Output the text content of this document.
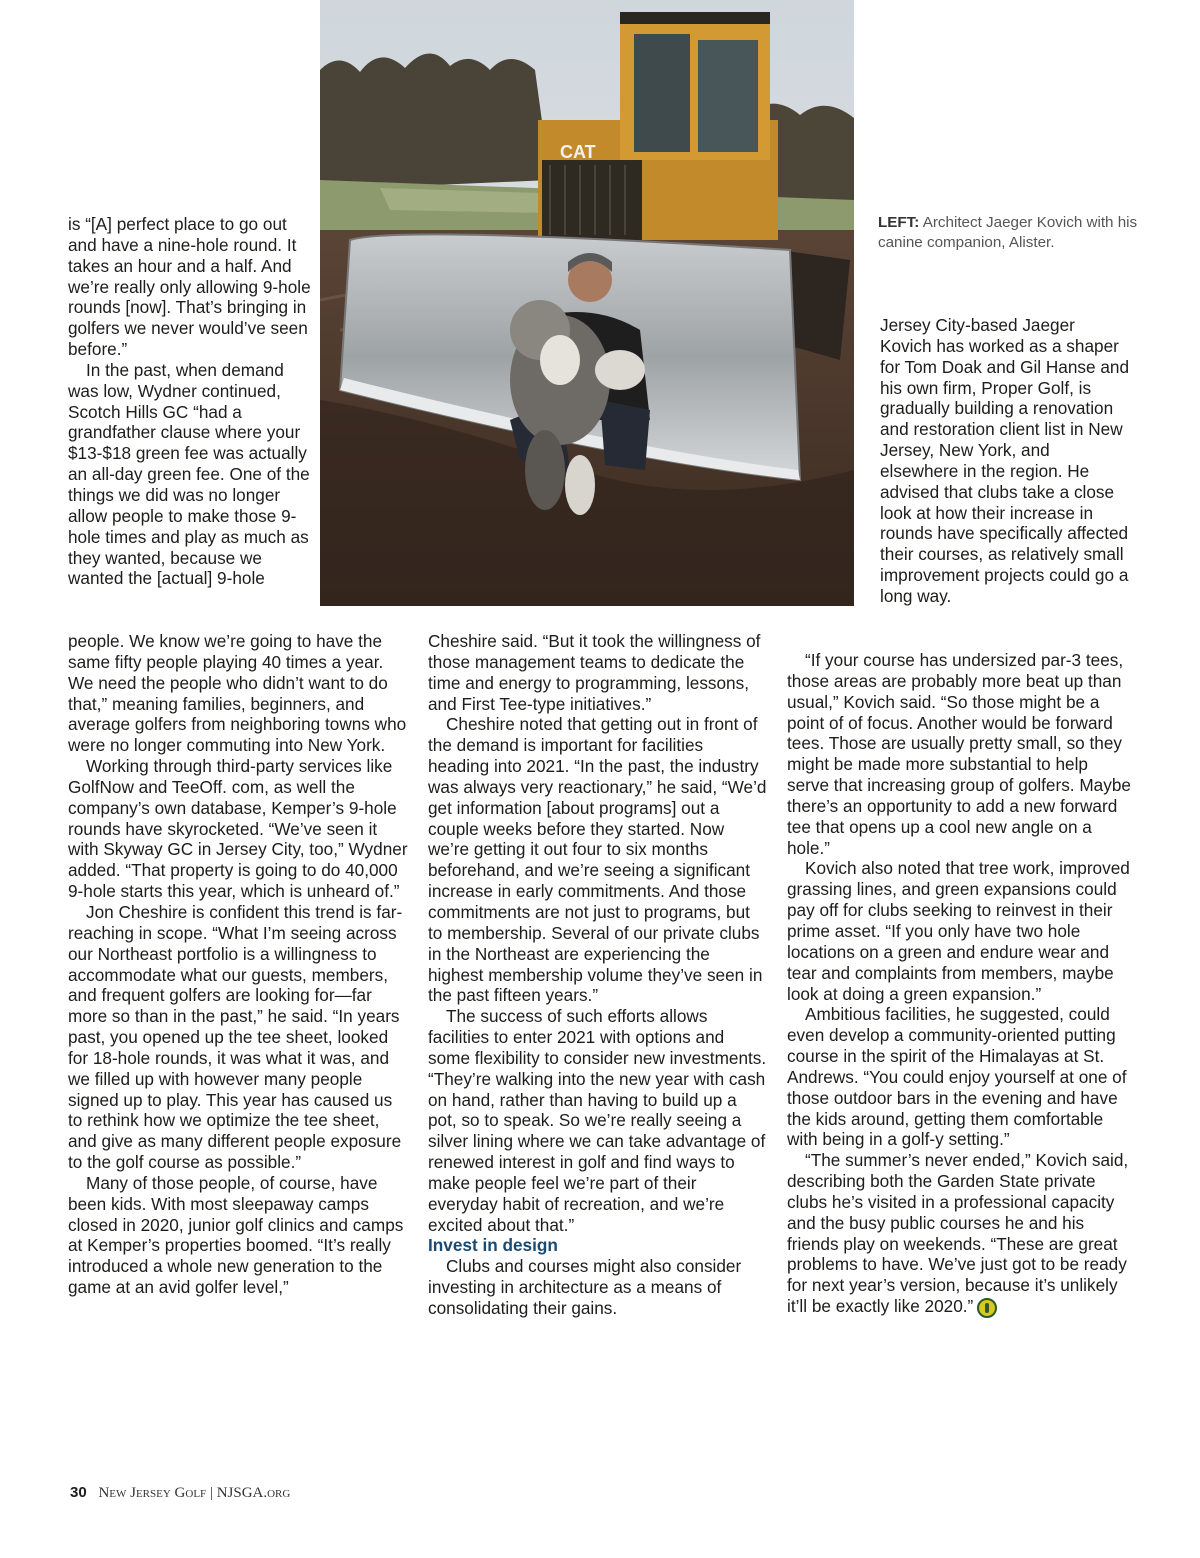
CAT
LEFT: Architect Jaeger Kovich with his canine companion, Alister.

is “[A] perfect place to go out and have a nine-hole round. It takes an hour and a half. And we’re really only allowing 9-hole rounds [now]. That’s bringing in golfers we never would’ve seen before.”

In the past, when demand was low, Wydner continued, Scotch Hills GC “had a grandfather clause where your $13-$18 green fee was actually an all-day green fee. One of the things we did was no longer allow people to make those 9-hole times and play as much as they wanted, because we wanted the [actual] 9-hole

people. We know we’re going to have the same fifty people playing 40 times a year. We need the people who didn’t want to do that,” meaning families, beginners, and average golfers from neighboring towns who were no longer commuting into New York.

Working through third-party services like GolfNow and TeeOff. com, as well the company’s own database, Kemper’s 9-hole rounds have skyrocketed. “We’ve seen it with Skyway GC in Jersey City, too,” Wydner added. “That property is going to do 40,000 9-hole starts this year, which is unheard of.”

Jon Cheshire is confident this trend is far-reaching in scope. “What I’m seeing across our Northeast portfolio is a willingness to accommodate what our guests, members, and frequent golfers are looking for—far more so than in the past,” he said. “In years past, you opened up the tee sheet, looked for 18-hole rounds, it was what it was, and we filled up with however many people signed up to play. This year has caused us to rethink how we optimize the tee sheet, and give as many different people exposure to the golf course as possible.”

Many of those people, of course, have been kids. With most sleepaway camps closed in 2020, junior golf clinics and camps at Kemper’s properties boomed. “It’s really introduced a whole new generation to the game at an avid golfer level,”

Cheshire said. “But it took the willingness of those management teams to dedicate the time and energy to programming, lessons, and First Tee-type initiatives.”

Cheshire noted that getting out in front of the demand is important for facilities heading into 2021. “In the past, the industry was always very reactionary,” he said, “We’d get information [about programs] out a couple weeks before they started. Now we’re getting it out four to six months beforehand, and we’re seeing a significant increase in early commitments. And those commitments are not just to programs, but to membership. Several of our private clubs in the Northeast are experiencing the highest membership volume they’ve seen in the past fifteen years.”

The success of such efforts allows facilities to enter 2021 with options and some flexibility to consider new investments. “They’re walking into the new year with cash on hand, rather than having to build up a pot, so to speak. So we’re really seeing a silver lining where we can take advantage of renewed interest in golf and find ways to make people feel we’re part of their everyday habit of recreation, and we’re excited about that.”

Invest in design

Clubs and courses might also consider investing in architecture as a means of consolidating their gains.

Jersey City-based Jaeger Kovich has worked as a shaper for Tom Doak and Gil Hanse and his own firm, Proper Golf, is gradually building a renovation and restoration client list in New Jersey, New York, and elsewhere in the region. He advised that clubs take a close look at how their increase in rounds have specifically affected their courses, as relatively small improvement projects could go a long way.

“If your course has undersized par-3 tees, those areas are probably more beat up than usual,” Kovich said. “So those might be a point of of focus. Another would be forward tees. Those are usually pretty small, so they might be made more substantial to help serve that increasing group of golfers. Maybe there’s an opportunity to add a new forward tee that opens up a cool new angle on a hole.”

Kovich also noted that tree work, improved grassing lines, and green expansions could pay off for clubs seeking to reinvest in their prime asset. “If you only have two hole locations on a green and endure wear and tear and complaints from members, maybe look at doing a green expansion.”

Ambitious facilities, he suggested, could even develop a community-oriented putting course in the spirit of the Himalayas at St. Andrews. “You could enjoy yourself at one of those outdoor bars in the evening and have the kids around, getting them comfortable with being in a golf-y setting.”

“The summer’s never ended,” Kovich said, describing both the Garden State private clubs he’s visited in a professional capacity and the busy public courses he and his friends play on weekends. “These are great problems to have. We’ve just got to be ready for next year’s version, because it’s unlikely it’ll be exactly like 2020.”

30 New Jersey Golf | NJSGA.org
